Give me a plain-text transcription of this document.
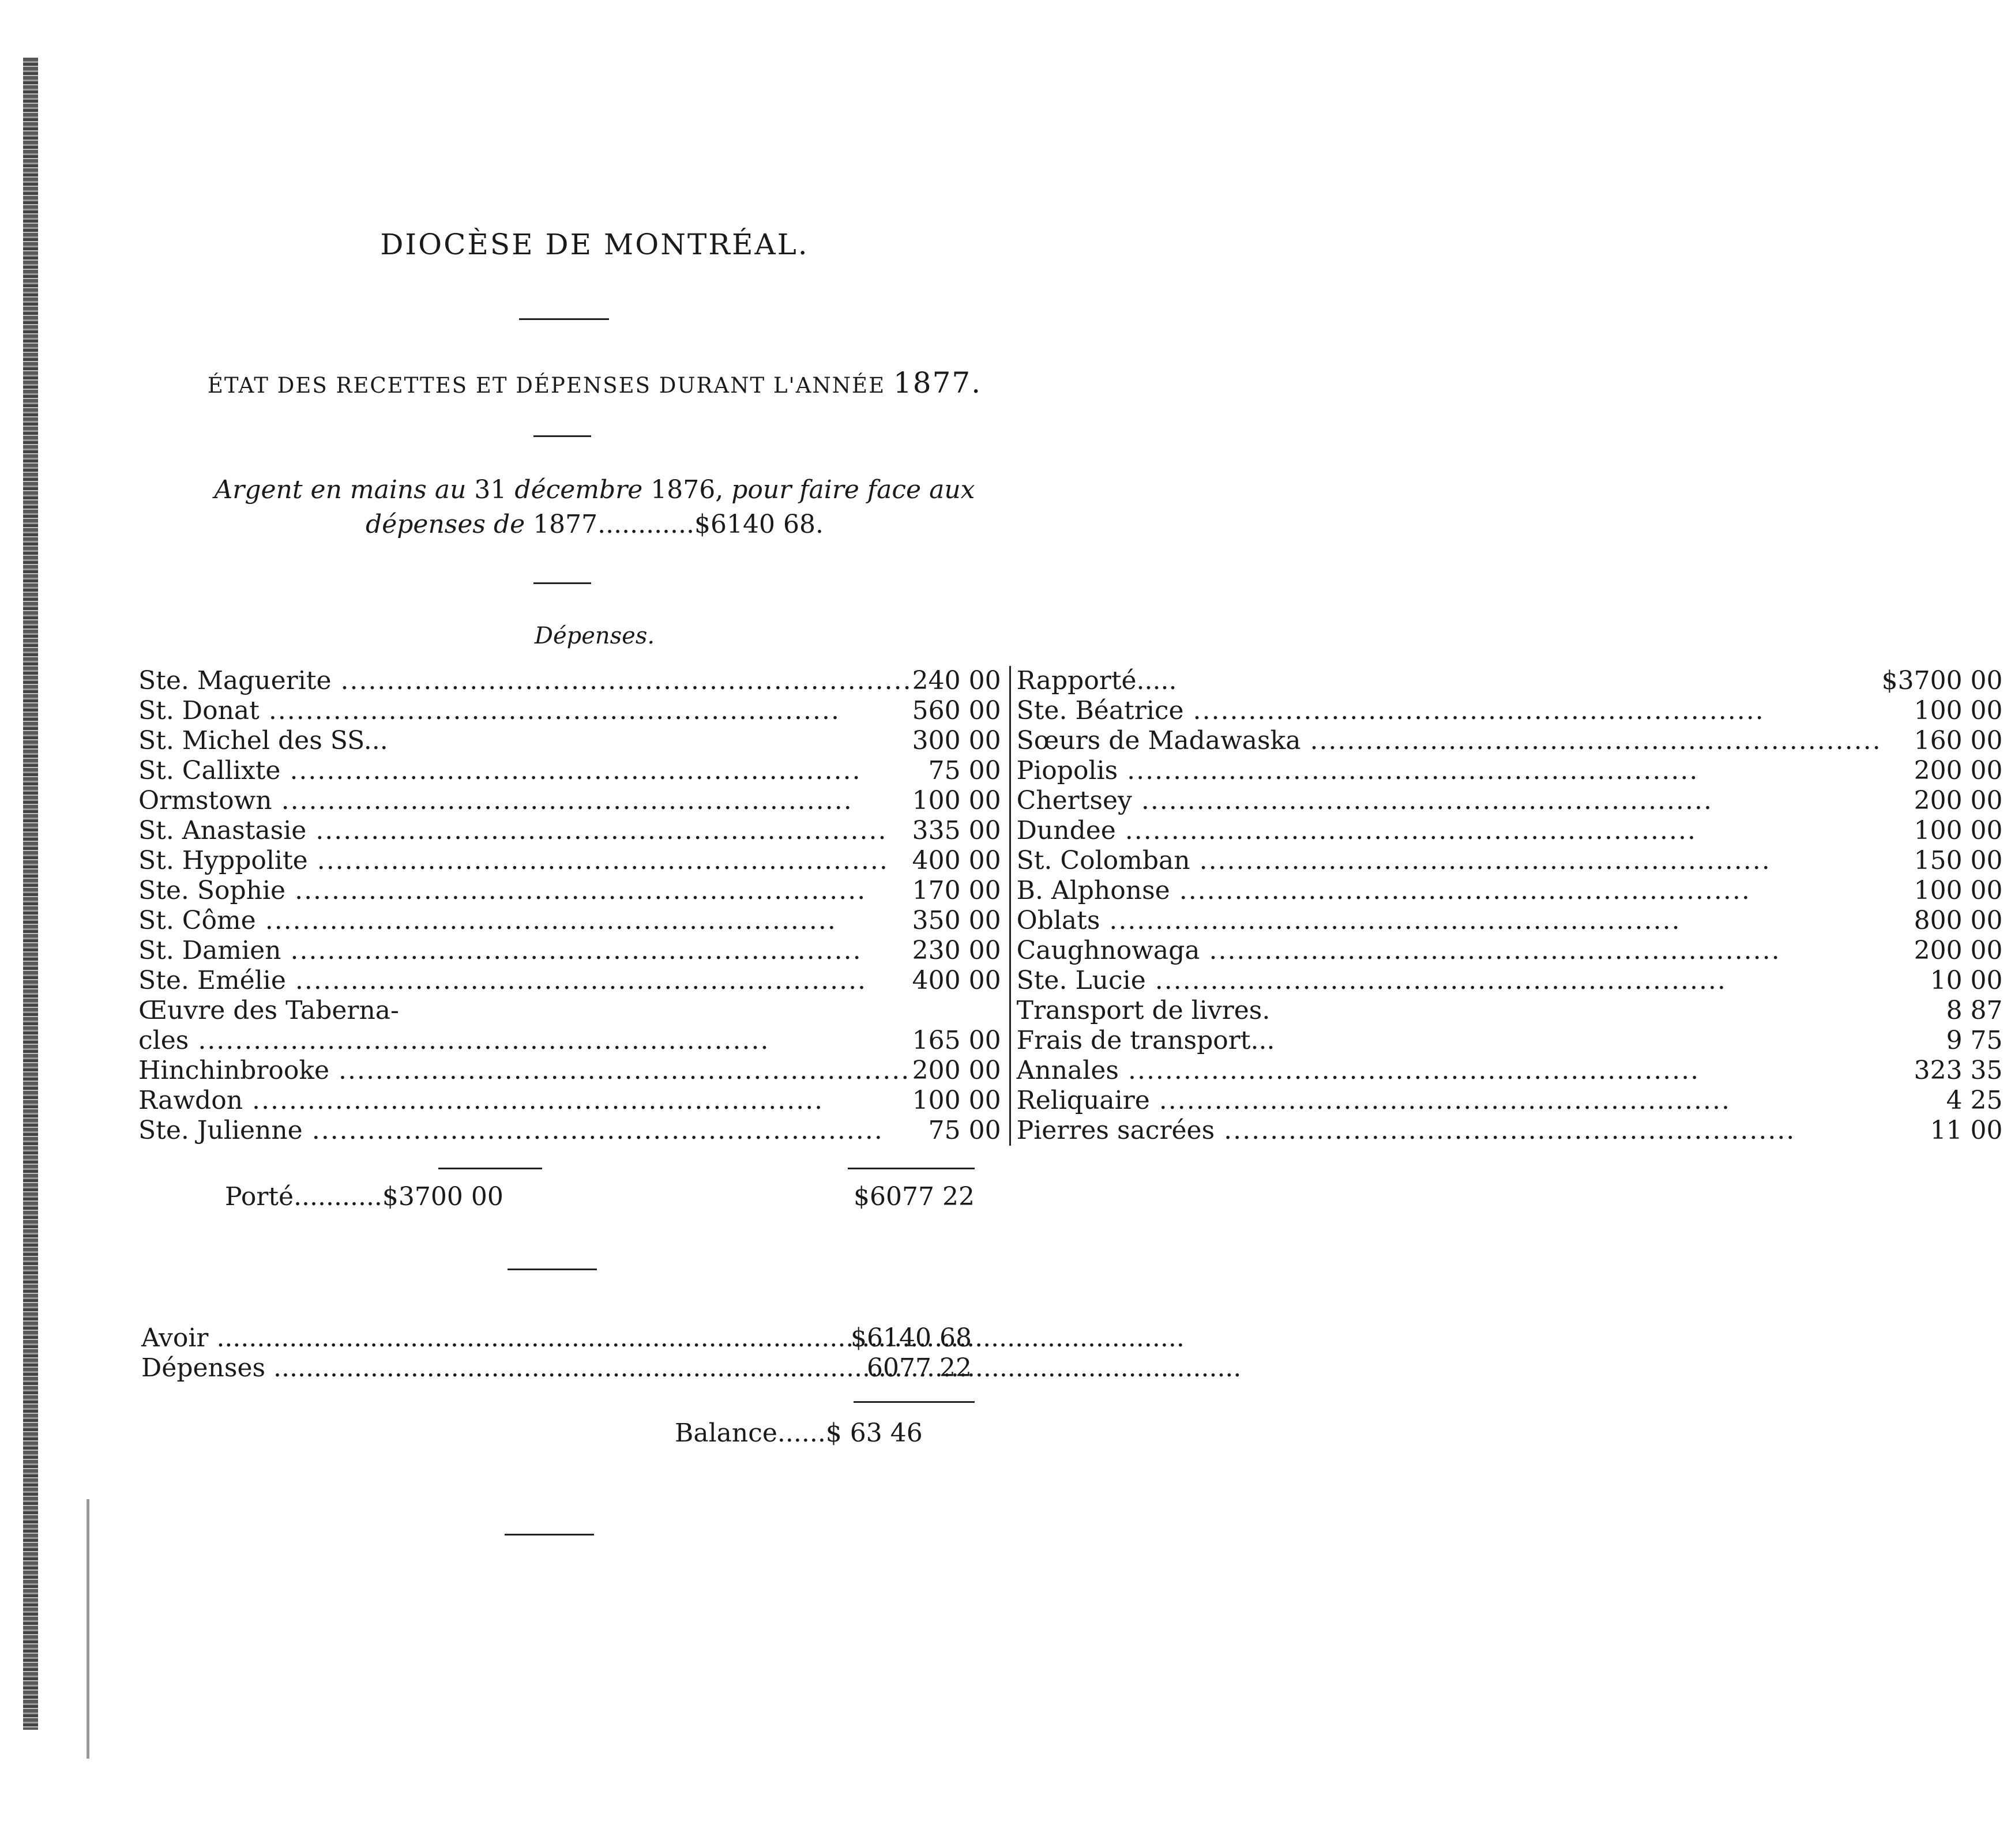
DIOCÈSE DE MONTRÉAL.
ÉTAT DES RECETTES ET DÉPENSES DURANT L'ANNÉE 1877.
Argent en mains au 31 décembre 1876, pour faire face aux
dépenses de 1877............$6140 68.
Dépenses.
Ste. Maguerite .....	240 00	Rapporté.....	$3700 00

St. Donat .....	560 00	Ste. Béatrice .....	100 00
St. Michel des SS...	300 00	Sœurs de Madawaska .....	160 00

St. Callixte .....	75 00	Piopolis .....	200 00

Ormstown .....	100 00	Chertsey .....	200 00

St. Anastasie .....	335 00	Dundee .....	100 00

St. Hyppolite .....	400 00	St. Colomban .....	150 00

Ste. Sophie .....	170 00	B. Alphonse .....	100 00

St. Côme .....	350 00	Oblats .....	800 00

St. Damien .....	230 00	Caughnowaga .....	200 00

Ste. Emélie .....	400 00	Ste. Lucie .....	10 00
Œuvre des Taberna-		Transport de livres.	8 87

cles .....	165 00	Frais de transport...	9 75

Hinchinbrooke .....	200 00	Annales .....	323 35

Rawdon .....	100 00	Reliquaire .....	4 25

Ste. Julienne .....	75 00	Pierres sacrées .....	11 00
Porté...........$3700 00	$6077 22
Avoir .....	$6140 68
Dépenses .....	6077 22
Balance......$ 63 46
